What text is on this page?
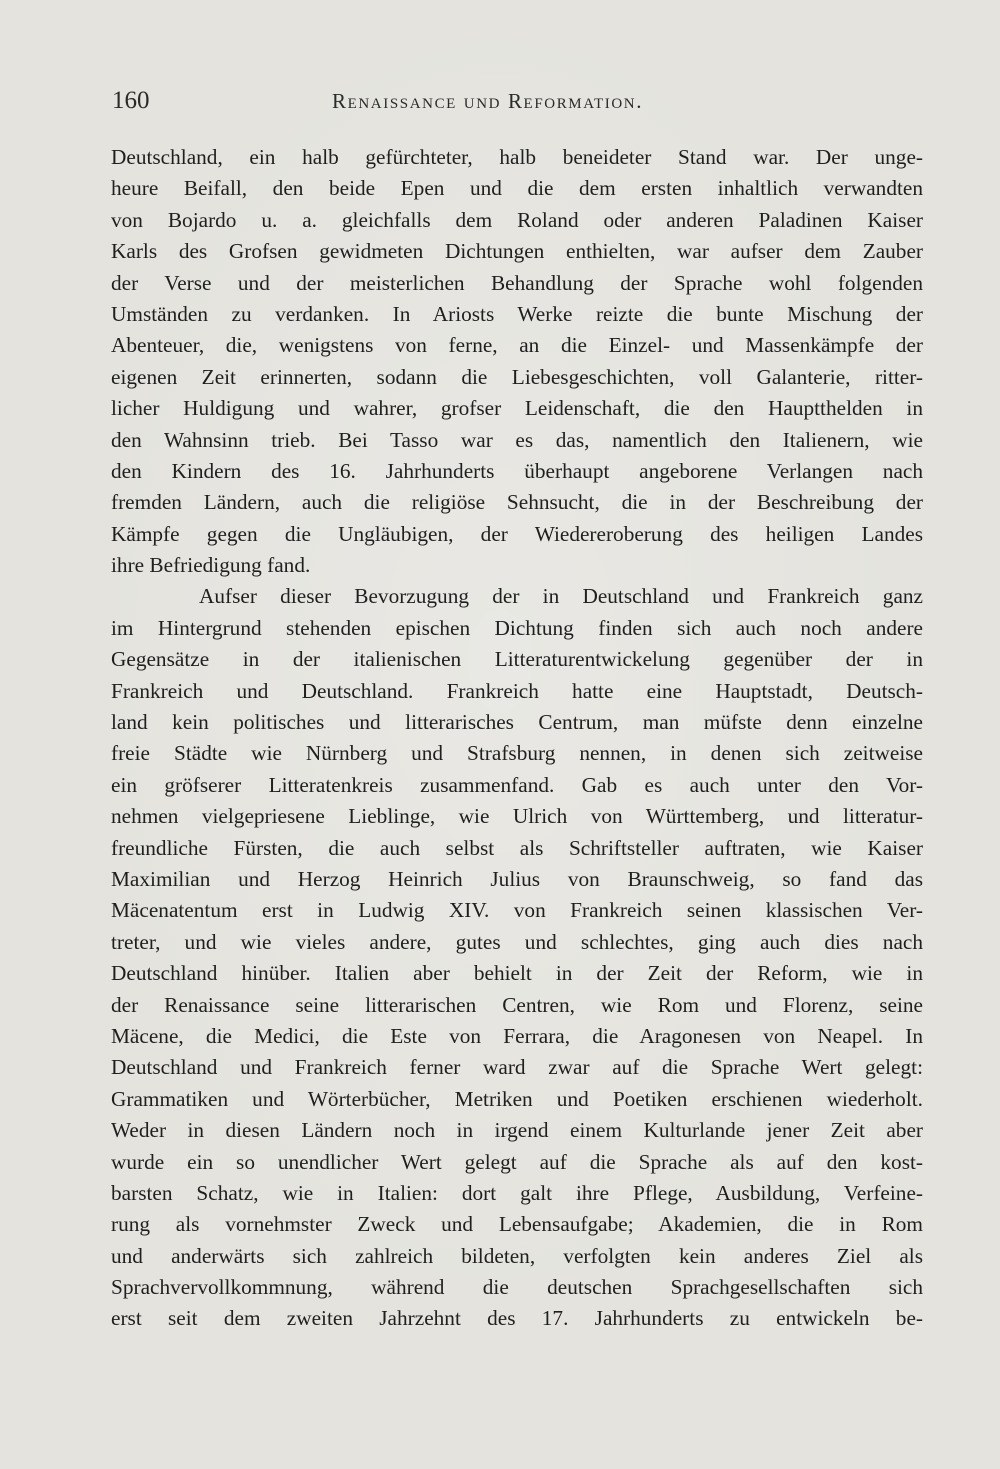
160	Renaissance und Reformation.
Deutschland, ein halb gefürchteter, halb beneideter Stand war. Der unge-
heure Beifall, den beide Epen und die dem ersten inhaltlich verwandten
von Bojardo u. a. gleichfalls dem Roland oder anderen Paladinen Kaiser
Karls des Grofsen gewidmeten Dichtungen enthielten, war aufser dem Zauber
der Verse und der meisterlichen Behandlung der Sprache wohl folgenden
Umständen zu verdanken. In Ariosts Werke reizte die bunte Mischung der
Abenteuer, die, wenigstens von ferne, an die Einzel- und Massenkämpfe der
eigenen Zeit erinnerten, sodann die Liebesgeschichten, voll Galanterie, ritter-
licher Huldigung und wahrer, grofser Leidenschaft, die den Hauptthelden in
den Wahnsinn trieb. Bei Tasso war es das, namentlich den Italienern, wie
den Kindern des 16. Jahrhunderts überhaupt angeborene Verlangen nach
fremden Ländern, auch die religiöse Sehnsucht, die in der Beschreibung der
Kämpfe gegen die Ungläubigen, der Wiedereroberung des heiligen Landes
ihre Befriedigung fand.
Aufser dieser Bevorzugung der in Deutschland und Frankreich ganz
im Hintergrund stehenden epischen Dichtung finden sich auch noch andere
Gegensätze in der italienischen Litteraturentwickelung gegenüber der in
Frankreich und Deutschland. Frankreich hatte eine Hauptstadt, Deutsch-
land kein politisches und litterarisches Centrum, man müfste denn einzelne
freie Städte wie Nürnberg und Strafsburg nennen, in denen sich zeitweise
ein gröfserer Litteratenkreis zusammenfand. Gab es auch unter den Vor-
nehmen vielgepriesene Lieblinge, wie Ulrich von Württemberg, und litteratur-
freundliche Fürsten, die auch selbst als Schriftsteller auftraten, wie Kaiser
Maximilian und Herzog Heinrich Julius von Braunschweig, so fand das
Mäcenatentum erst in Ludwig XIV. von Frankreich seinen klassischen Ver-
treter, und wie vieles andere, gutes und schlechtes, ging auch dies nach
Deutschland hinüber. Italien aber behielt in der Zeit der Reform, wie in
der Renaissance seine litterarischen Centren, wie Rom und Florenz, seine
Mäcene, die Medici, die Este von Ferrara, die Aragonesen von Neapel. In
Deutschland und Frankreich ferner ward zwar auf die Sprache Wert gelegt:
Grammatiken und Wörterbücher, Metriken und Poetiken erschienen wiederholt.
Weder in diesen Ländern noch in irgend einem Kulturlande jener Zeit aber
wurde ein so unendlicher Wert gelegt auf die Sprache als auf den kost-
barsten Schatz, wie in Italien: dort galt ihre Pflege, Ausbildung, Verfeine-
rung als vornehmster Zweck und Lebensaufgabe; Akademien, die in Rom
und anderwärts sich zahlreich bildeten, verfolgten kein anderes Ziel als
Sprachvervollkommnung, während die deutschen Sprachgesellschaften sich
erst seit dem zweiten Jahrzehnt des 17. Jahrhunderts zu entwickeln be-
